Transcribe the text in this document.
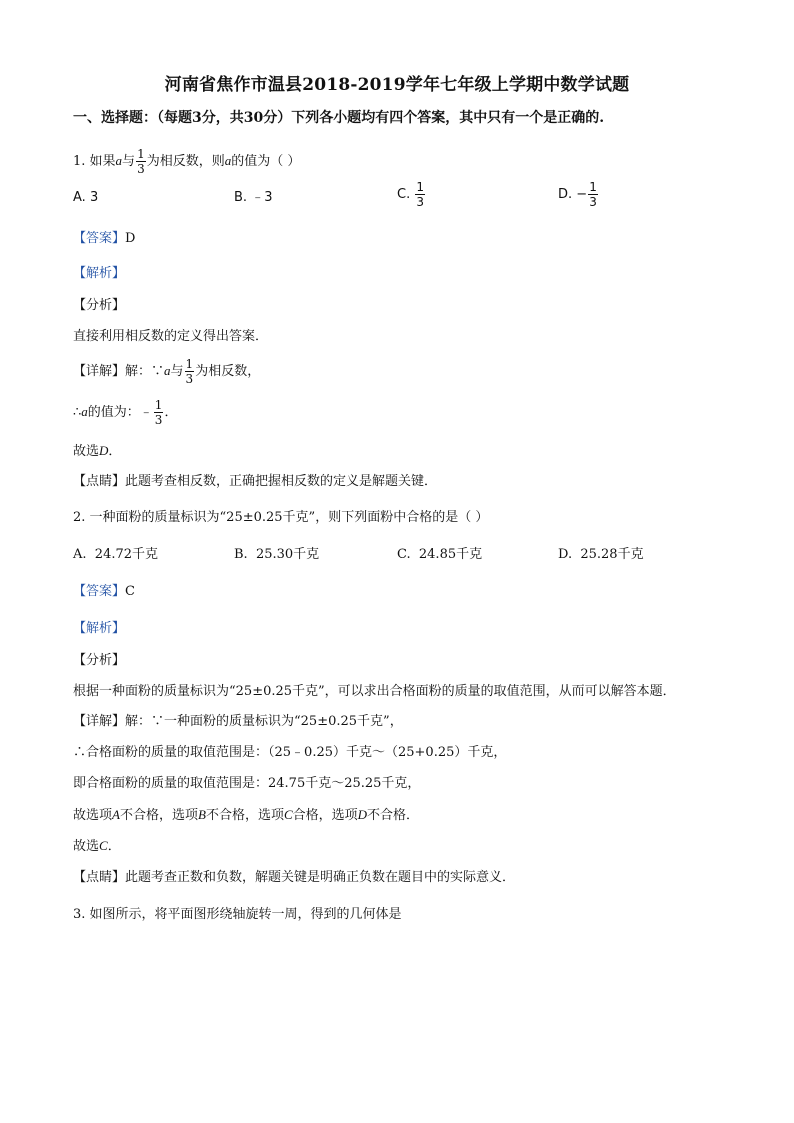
河南省焦作市温县2018-2019学年七年级上学期中数学试题
一、选择题：（每题3分，共30分）下列各小题均有四个答案，其中只有一个是正确的.
1. 如果a与 $\frac{1}{3}$ 为相反数，则a的值为（ ）
A. 3	B. ﹣3	C. $\frac{1}{3}$	D. − $\frac{1}{3}$
【答案】D
【解析】
【分析】
直接利用相反数的定义得出答案．
【详解】解：∵a与 $\frac{1}{3}$ 为相反数，
∴a的值为：﹣ $\frac{1}{3}$ ．
故选D．
【点睛】此题考查相反数，正确把握相反数的定义是解题关键．
2. 一种面粉的质量标识为“25±0.25千克”，则下列面粉中合格的是（ ）
A. 24.72千克	B. 25.30千克	C. 24.85千克	D. 25.28千克
【答案】C
【解析】
【分析】
根据一种面粉的质量标识为“25±0.25千克”，可以求出合格面粉的质量的取值范围，从而可以解答本题．
【详解】解：∵一种面粉的质量标识为“25±0.25千克”，
∴合格面粉的质量的取值范围是：（25﹣0.25）千克～（25+0.25）千克，
即合格面粉的质量的取值范围是：24.75千克～25.25千克，
故选项A不合格，选项B不合格，选项C合格，选项D不合格．
故选C．
【点睛】此题考查正数和负数，解题关键是明确正负数在题目中的实际意义．
3. 如图所示，将平面图形绕轴旋转一周，得到的几何体是
